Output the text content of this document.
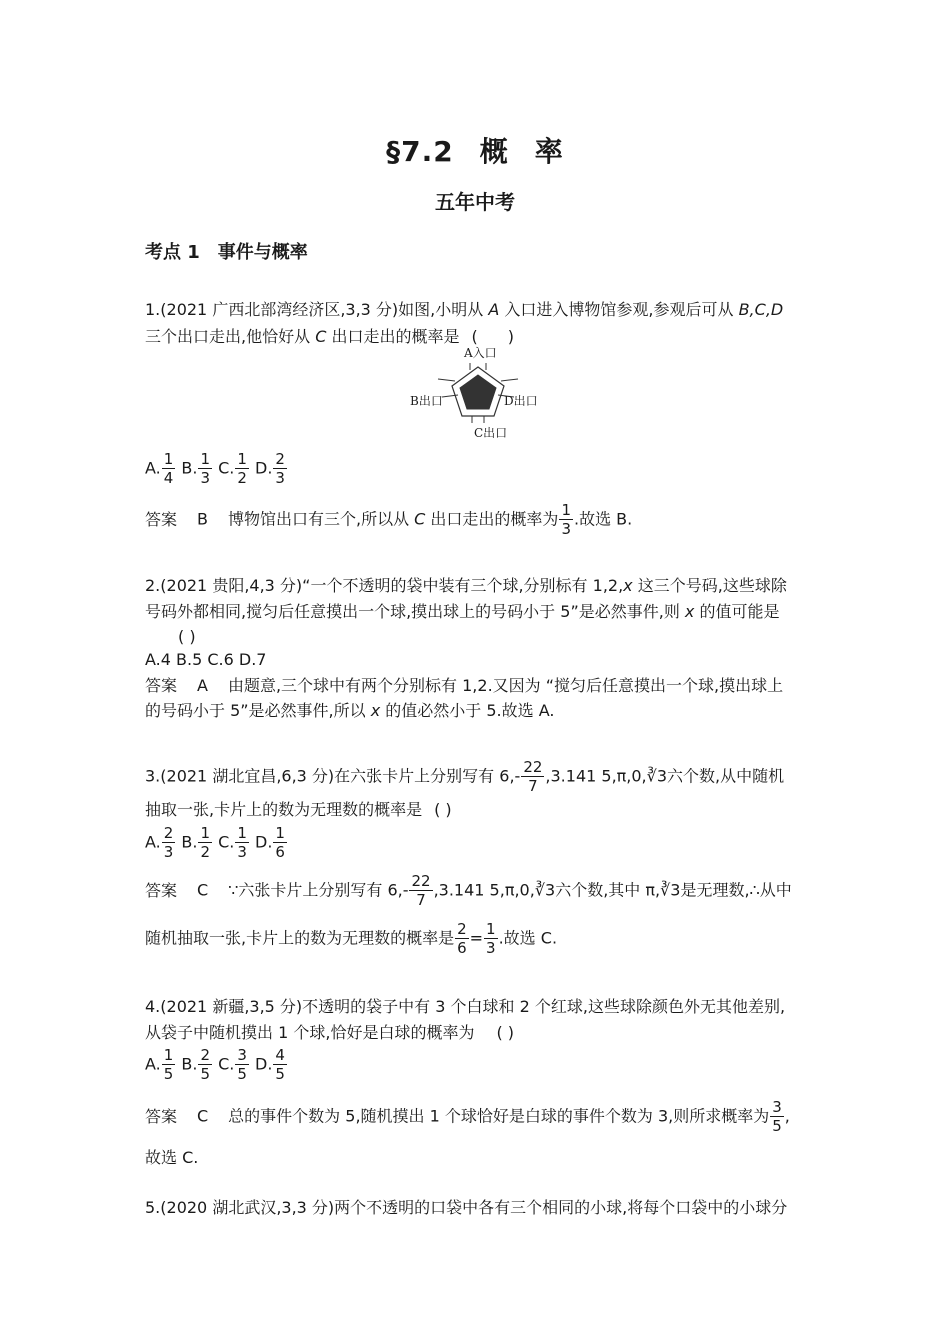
§7.2 概 率
五年中考
考点 1 事件与概率
1.(2021 广西北部湾经济区,3,3 分)如图,小明从 A 入口进入博物馆参观,参观后可从 B,C,D
三个出口走出,他恰好从 C 出口走出的概率是 ( )
A入口
B出口	D出口
C出口
A. $\frac{1}{4} B$. $\frac{1}{3} C$. $\frac{1}{2} D$. $\frac{2}{3}$
答案 B 博物馆出口有三个,所以从 C 出口走出的概率为 $\frac{1}{3}$ .故选 B.
2.(2021 贵阳,4,3 分)“一个不透明的袋中装有三个球,分别标有 1,2,x 这三个号码,这些球除
号码外都相同,搅匀后任意摸出一个球,摸出球上的号码小于 5”是必然事件,则 x 的值可能是
( )
A.4 B.5 C.6 D.7
答案 A 由题意,三个球中有两个分别标有 1,2.又因为 “搅匀后任意摸出一个球,摸出球上
的号码小于 5”是必然事件,所以 x 的值必然小于 5.故选 A.
3.(2021 湖北宜昌,6,3 分)在六张卡片上分别写有 $6,- \frac{22}{7} ,3.141$ 5,π,0,∛3六个数,从中随机
抽取一张,卡片上的数为无理数的概率是 ( )
A. $\frac{2}{3} B$. $\frac{1}{2} C$. $\frac{1}{3} D$. $\frac{1}{6}$
答案 C ∵六张卡片上分别写有 $6,- \frac{22}{7} ,3.141$ 5,π,0,∛3六个数,其中 π,∛3是无理数,∴从中
随机抽取一张,卡片上的数为无理数的概率是 $\frac{2}{6} = \frac{1}{3}$ .故选 C.
4.(2021 新疆,3,5 分)不透明的袋子中有 3 个白球和 2 个红球,这些球除颜色外无其他差别,
从袋子中随机摸出 1 个球,恰好是白球的概率为 ( )
A. $\frac{1}{5} B$. $\frac{2}{5} C$. $\frac{3}{5} D$. $\frac{4}{5}$
答案 C 总的事件个数为 5,随机摸出 1 个球恰好是白球的事件个数为 3,则所求概率为 $\frac{3}{5}$ ,
故选 C.
5.(2020 湖北武汉,3,3 分)两个不透明的口袋中各有三个相同的小球,将每个口袋中的小球分
